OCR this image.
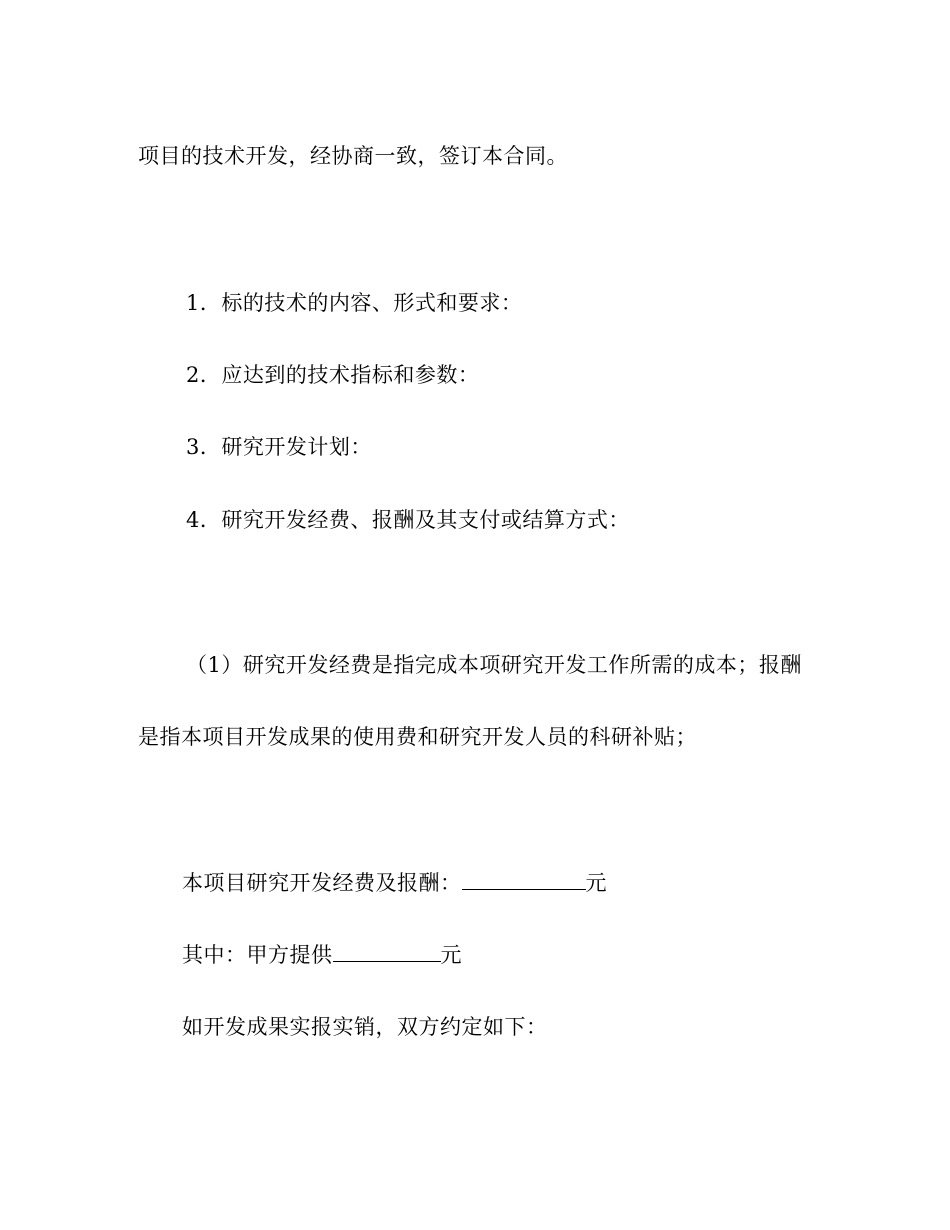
项目的技术开发，经协商一致，签订本合同。
1．标的技术的内容、形式和要求：
2．应达到的技术指标和参数：
3．研究开发计划：
4．研究开发经费、报酬及其支付或结算方式：
（1）研究开发经费是指完成本项研究开发工作所需的成本；报酬
是指本项目开发成果的使用费和研究开发人员的科研补贴；
本项目研究开发经费及报酬：	元
其中：甲方提供	元
如开发成果实报实销，双方约定如下：
